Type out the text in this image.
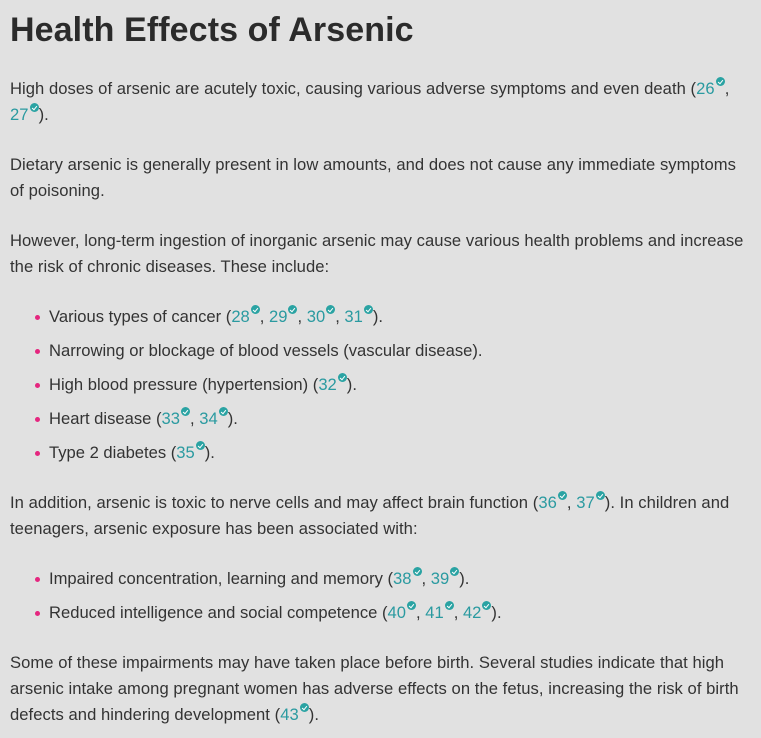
Health Effects of Arsenic

High doses of arsenic are acutely toxic, causing various adverse symptoms and even death (26 , 27 ).

Dietary arsenic is generally present in low amounts, and does not cause any immediate symptoms of poisoning.

However, long-term ingestion of inorganic arsenic may cause various health problems and increase the risk of chronic diseases. These include:

Various types of cancer (28 , 29 , 30 , 31 ).
Narrowing or blockage of blood vessels (vascular disease).
High blood pressure (hypertension) (32 ).
Heart disease (33 , 34 ).
Type 2 diabetes (35 ).

In addition, arsenic is toxic to nerve cells and may affect brain function (36 , 37 ). In children and teenagers, arsenic exposure has been associated with:

Impaired concentration, learning and memory (38 , 39 ).
Reduced intelligence and social competence (40 , 41 , 42 ).

Some of these impairments may have taken place before birth. Several studies indicate that high arsenic intake among pregnant women has adverse effects on the fetus, increasing the risk of birth defects and hindering development (43 ).
